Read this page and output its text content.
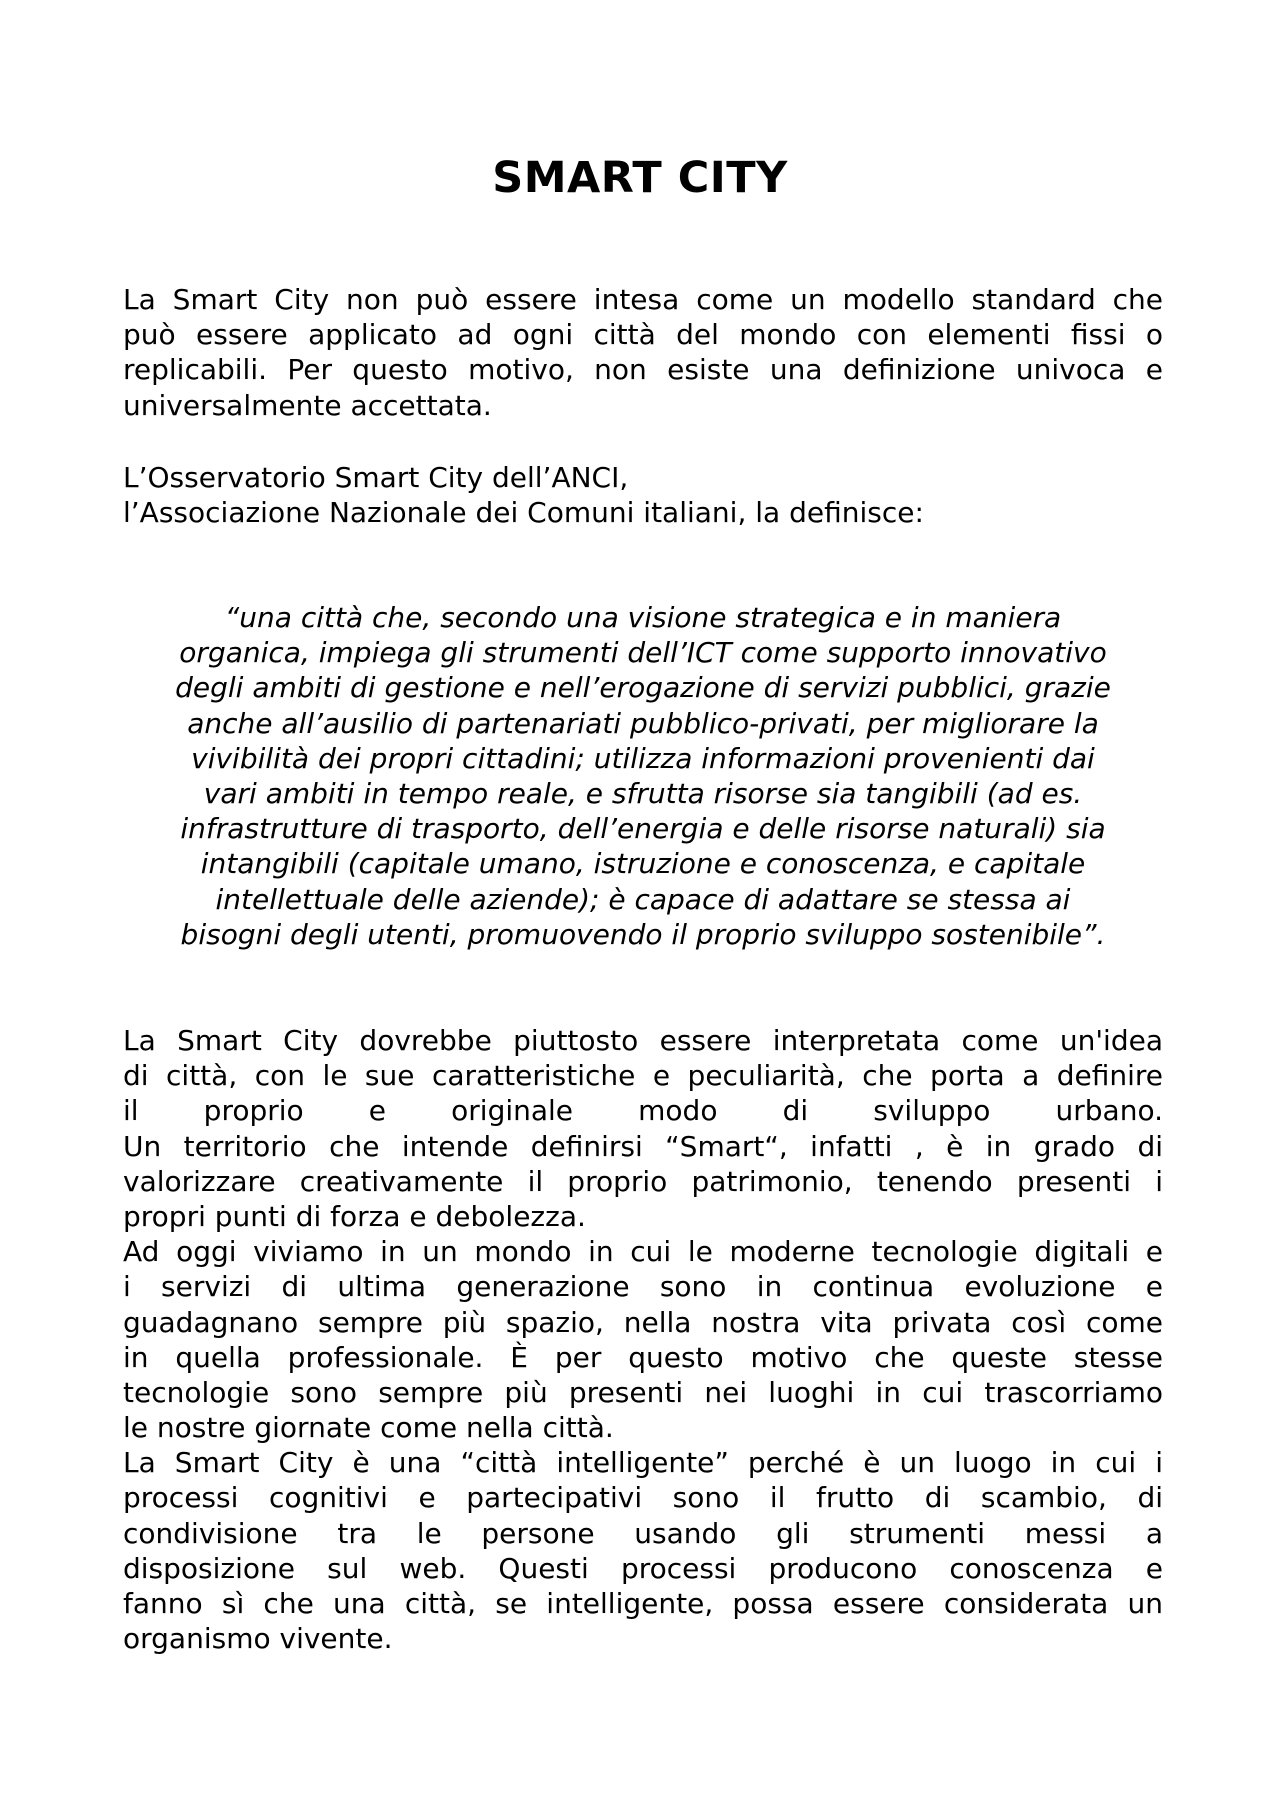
SMART CITY
La Smart City non può essere intesa come un modello standard che
può essere applicato ad ogni città del mondo con elementi fissi o
replicabili. Per questo motivo, non esiste una definizione univoca e
universalmente accettata.
L’Osservatorio Smart City dell’ANCI,
l’Associazione Nazionale dei Comuni italiani, la definisce:
“una città che, secondo una visione strategica e in maniera
organica, impiega gli strumenti dell’ICT come supporto innovativo
degli ambiti di gestione e nell’erogazione di servizi pubblici, grazie
anche all’ausilio di partenariati pubblico-privati, per migliorare la
vivibilità dei propri cittadini; utilizza informazioni provenienti dai
vari ambiti in tempo reale, e sfrutta risorse sia tangibili (ad es.
infrastrutture di trasporto, dell’energia e delle risorse naturali) sia
intangibili (capitale umano, istruzione e conoscenza, e capitale
intellettuale delle aziende); è capace di adattare se stessa ai
bisogni degli utenti, promuovendo il proprio sviluppo sostenibile”.
La Smart City dovrebbe piuttosto essere interpretata come un'idea
di città, con le sue caratteristiche e peculiarità, che porta a definire
il proprio e originale modo di sviluppo urbano.
Un territorio che intende definirsi “Smart“, infatti , è in grado di
valorizzare creativamente il proprio patrimonio, tenendo presenti i
propri punti di forza e debolezza.
Ad oggi viviamo in un mondo in cui le moderne tecnologie digitali e
i servizi di ultima generazione sono in continua evoluzione e
guadagnano sempre più spazio, nella nostra vita privata così come
in quella professionale. È per questo motivo che queste stesse
tecnologie sono sempre più presenti nei luoghi in cui trascorriamo
le nostre giornate come nella città.
La Smart City è una “città intelligente” perché è un luogo in cui i
processi cognitivi e partecipativi sono il frutto di scambio, di
condivisione tra le persone usando gli strumenti messi a
disposizione sul web. Questi processi producono conoscenza e
fanno sì che una città, se intelligente, possa essere considerata un
organismo vivente.
